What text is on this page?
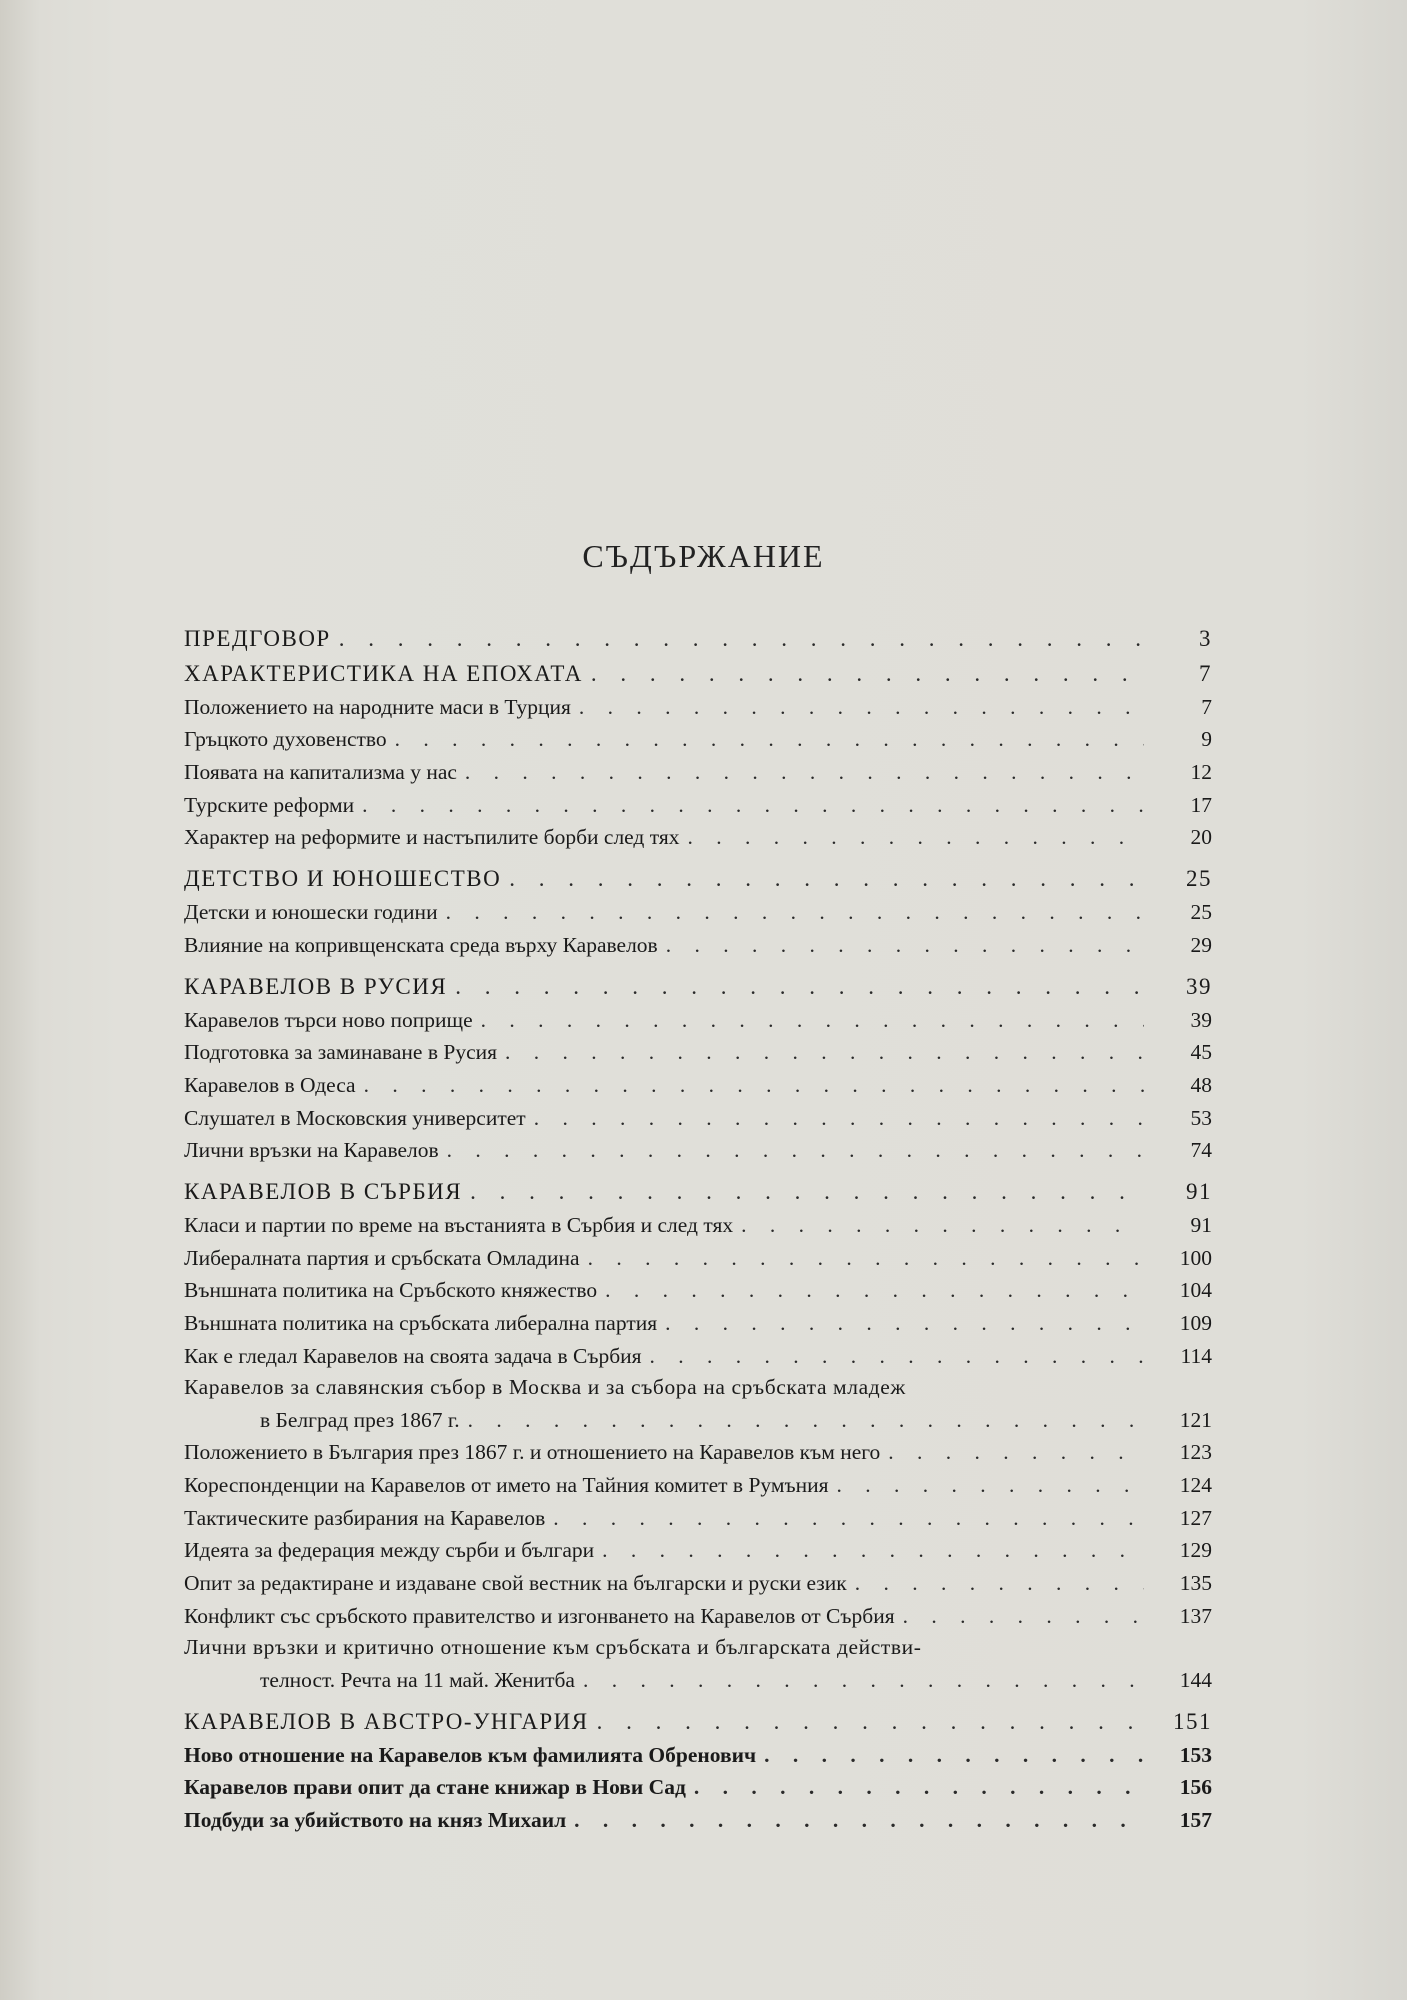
СЪДЪРЖАНИЕ
ПРЕДГОВОР . . .	3
ХАРАКТЕРИСТИКА НА ЕПОХАТА . . .	7
Положението на народните маси в Турция . . .	7
Гръцкото духовенство . . .	9
Появата на капитализма у нас . . .	12
Турските реформи . . .	17
Характер на реформите и настъпилите борби след тях . . .	20
ДЕТСТВО И ЮНОШЕСТВО . . .	25
Детски и юношески години . . .	25
Влияние на копривщенската среда върху Каравелов . . .	29
КАРАВЕЛОВ В РУСИЯ . . .	39
Каравелов търси ново поприще . . .	39
Подготовка за заминаване в Русия . . .	45
Каравелов в Одеса . . .	48
Слушател в Московския университет . . .	53
Лични връзки на Каравелов . . .	74
КАРАВЕЛОВ В СЪРБИЯ . . .	91
Класи и партии по време на въстанията в Сърбия и след тях . . .	91
Либералната партия и сръбската Омладина . . .	100
Външната политика на Сръбското княжество . . .	104
Външната политика на сръбската либерална партия . . .	109
Как е гледал Каравелов на своята задача в Сърбия . . .	114
Каравелов за славянския събор в Москва и за събора на сръбската младеж
в Белград през 1867 г. . . .	121
Положението в България през 1867 г. и отношението на Каравелов към него . . .	123
Кореспонденции на Каравелов от името на Тайния комитет в Румъния . . .	124
Тактическите разбирания на Каравелов . . .	127
Идеята за федерация между сърби и българи . . .	129
Опит за редактиране и издаване свой вестник на български и руски език . . .	135
Конфликт със сръбското правителство и изгонването на Каравелов от Сърбия . . .	137
Лични връзки и критично отношение към сръбската и българската действи-
телност. Речта на 11 май. Женитба . . .	144
КАРАВЕЛОВ В АВСТРО-УНГАРИЯ . . .	151
Ново отношение на Каравелов към фамилията Обренович . . .	153
Каравелов прави опит да стане книжар в Нови Сад . . .	156
Подбуди за убийството на княз Михаил . . .	157
